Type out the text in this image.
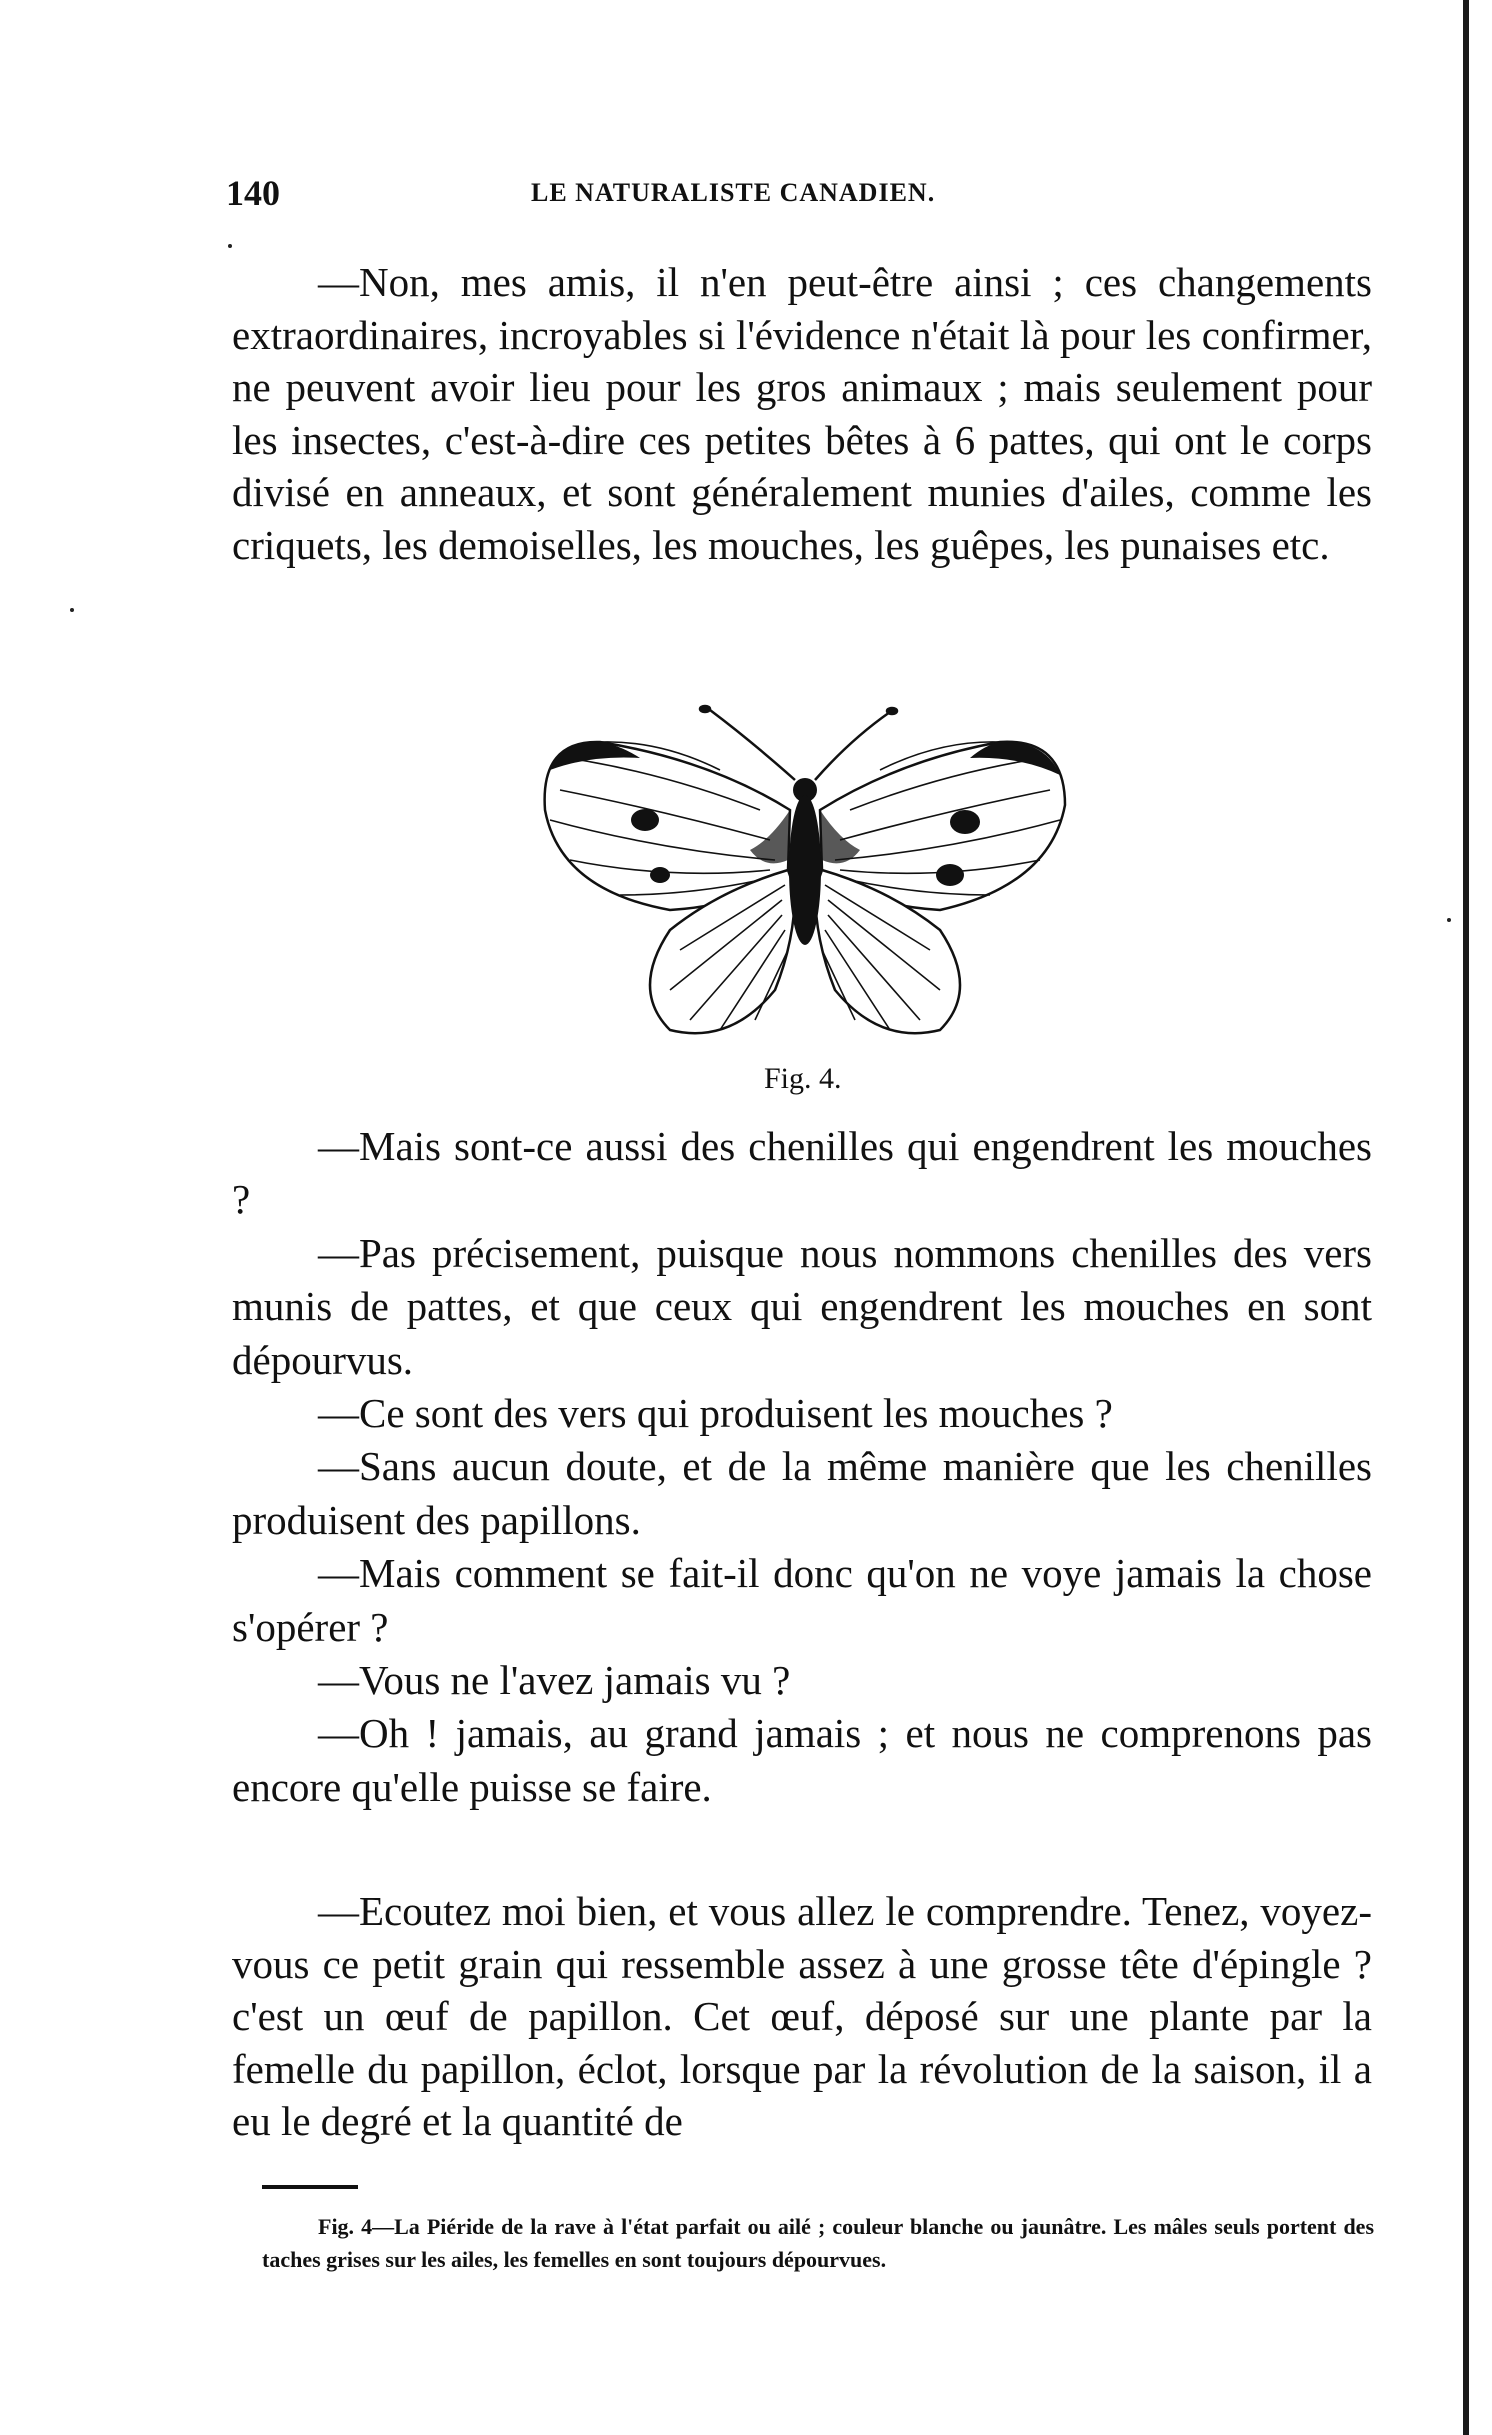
140	LE NATURALISTE CANADIEN.

—Non, mes amis, il n'en peut-être ainsi ; ces changements extraordinaires, incroyables si l'évidence n'était là pour les confirmer, ne peuvent avoir lieu pour les gros animaux ; mais seulement pour les insectes, c'est-à-dire ces petites bêtes à 6 pattes, qui ont le corps divisé en anneaux, et sont généralement munies d'ailes, comme les criquets, les demoiselles, les mouches, les guêpes, les punaises etc.

Fig. 4.

—Mais sont-ce aussi des chenilles qui engendrent les mouches ?

—Pas précisement, puisque nous nommons chenilles des vers munis de pattes, et que ceux qui engendrent les mouches en sont dépourvus.

—Ce sont des vers qui produisent les mouches ?

—Sans aucun doute, et de la même manière que les chenilles produisent des papillons.

—Mais comment se fait-il donc qu'on ne voye jamais la chose s'opérer ?

—Vous ne l'avez jamais vu ?

—Oh ! jamais, au grand jamais ; et nous ne comprenons pas encore qu'elle puisse se faire.

—Ecoutez moi bien, et vous allez le comprendre. Tenez, voyez-vous ce petit grain qui ressemble assez à une grosse tête d'épingle ? c'est un œuf de papillon. Cet œuf, déposé sur une plante par la femelle du papillon, éclot, lorsque par la révolution de la saison, il a eu le degré et la quantité de

Fig. 4—La Piéride de la rave à l'état parfait ou ailé ; couleur blanche ou jaunâtre. Les mâles seuls portent des taches grises sur les ailes, les femelles en sont toujours dépourvues.
